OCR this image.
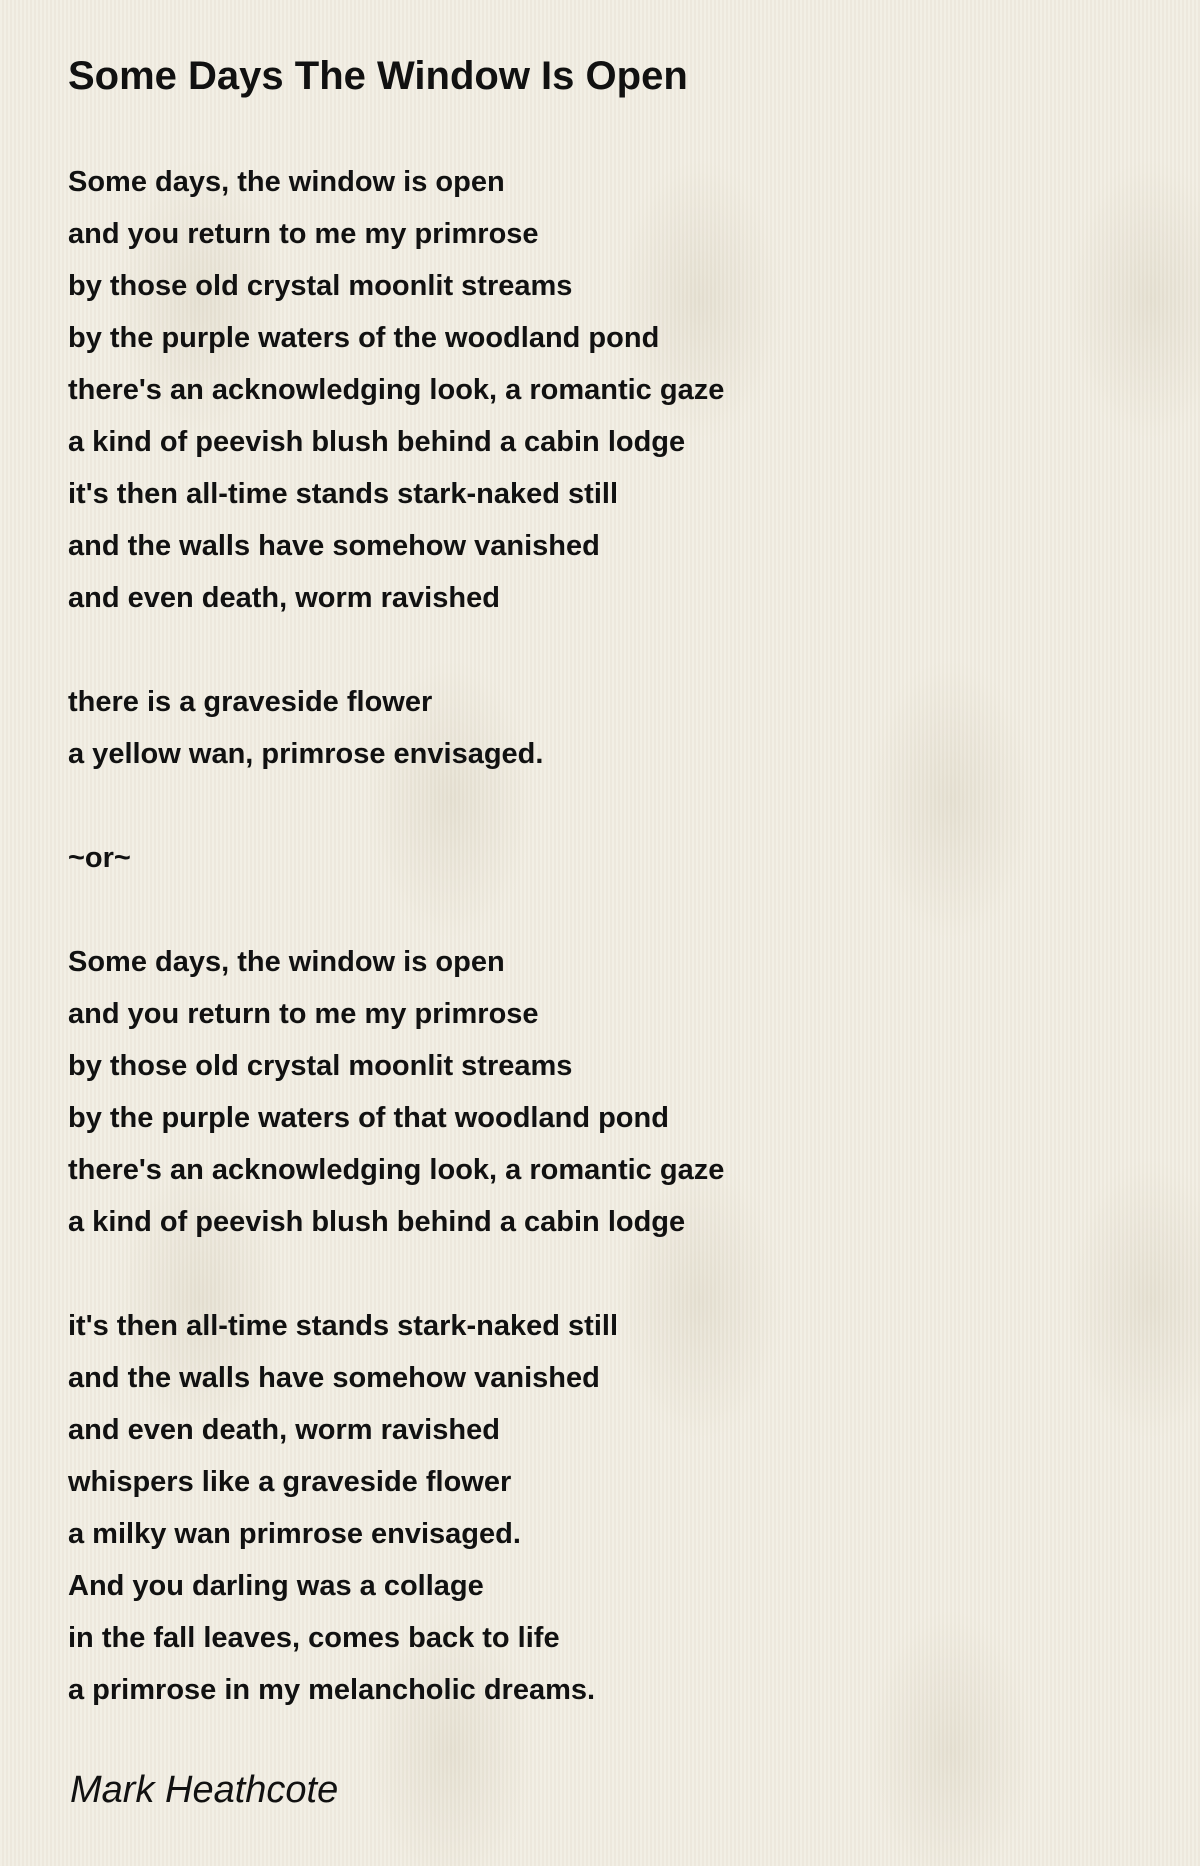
Some Days The Window Is Open
Some days, the window is open
and you return to me my primrose
by those old crystal moonlit streams
by the purple waters of the woodland pond
there's an acknowledging look, a romantic gaze
a kind of peevish blush behind a cabin lodge
it's then all-time stands stark-naked still
and the walls have somehow vanished
and even death, worm ravished
there is a graveside flower
a yellow wan, primrose envisaged.
~or~
Some days, the window is open
and you return to me my primrose
by those old crystal moonlit streams
by the purple waters of that woodland pond
there's an acknowledging look, a romantic gaze
a kind of peevish blush behind a cabin lodge
it's then all-time stands stark-naked still
and the walls have somehow vanished
and even death, worm ravished
whispers like a graveside flower
a milky wan primrose envisaged.
And you darling was a collage
in the fall leaves, comes back to life
a primrose in my melancholic dreams.
Mark Heathcote
